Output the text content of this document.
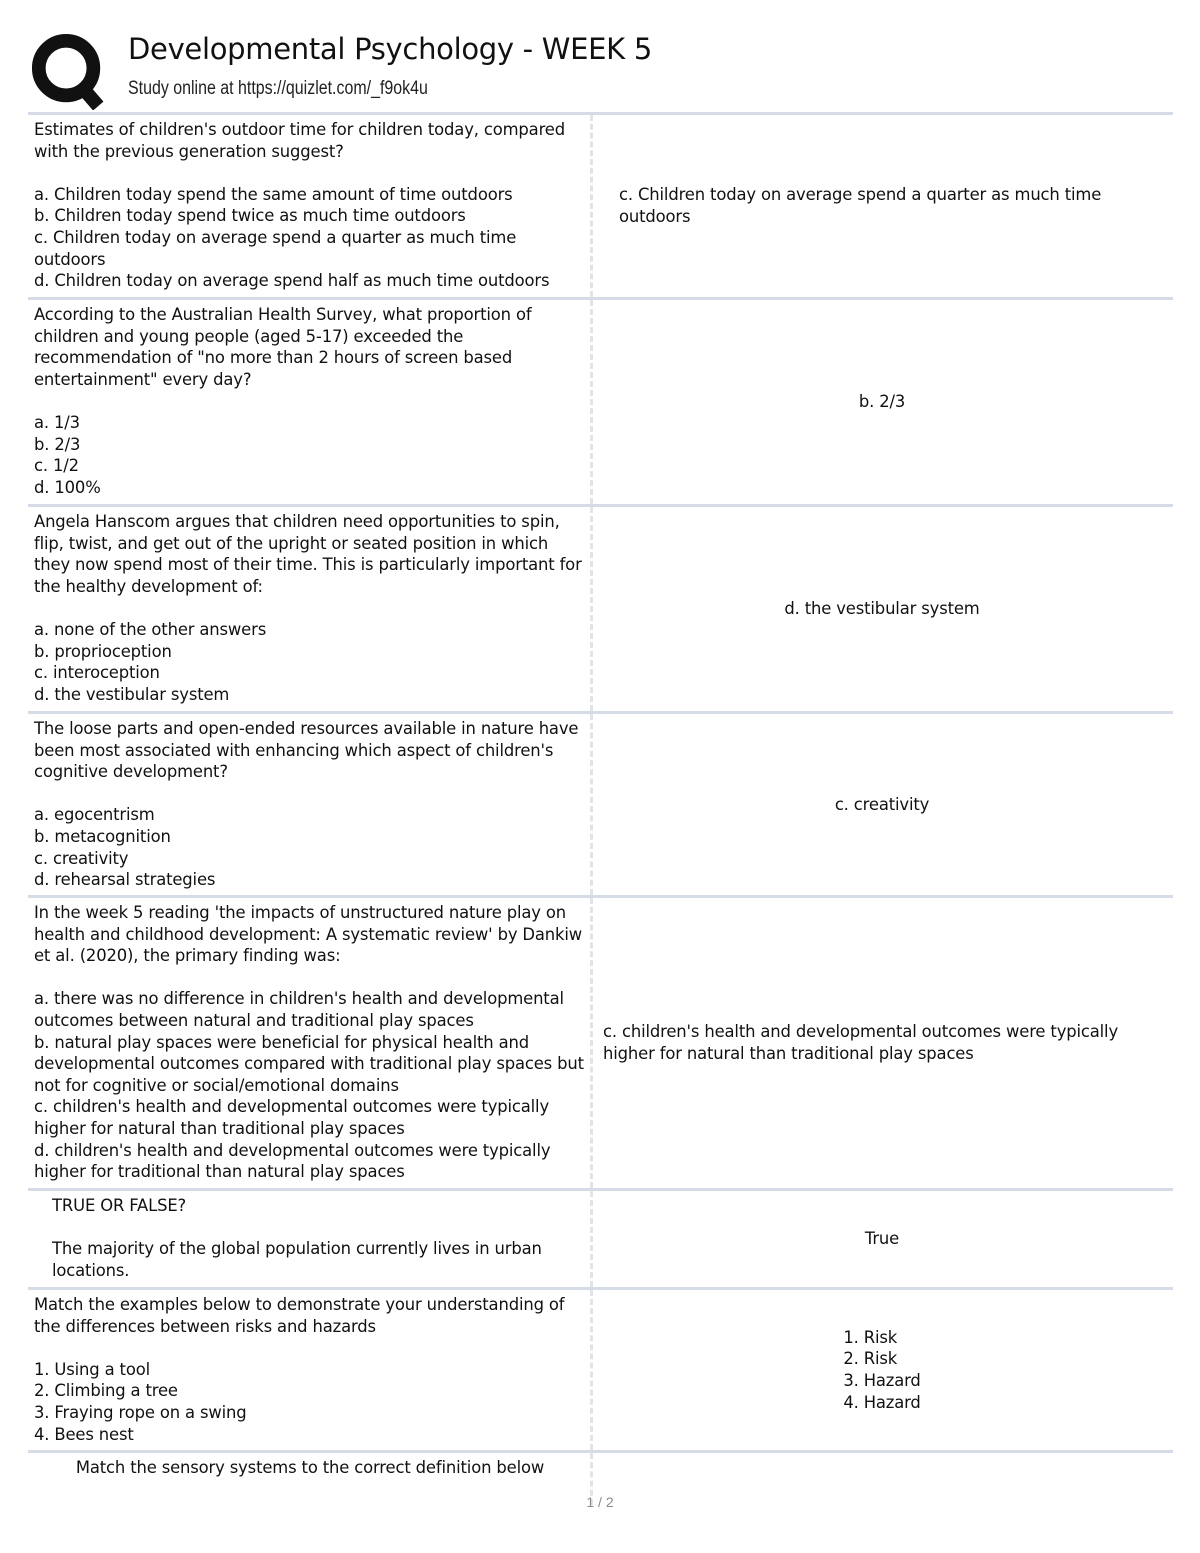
Developmental Psychology - WEEK 5
Study online at https://quizlet.com/_f9ok4u
Estimates of children's outdoor time for children today, compared with the previous generation suggest?

a. Children today spend the same amount of time outdoors
b. Children today spend twice as much time outdoors
c. Children today on average spend a quarter as much time outdoors
d. Children today on average spend half as much time outdoors
c. Children today on average spend a quarter as much time outdoors
According to the Australian Health Survey, what proportion of children and young people (aged 5-17) exceeded the recommendation of "no more than 2 hours of screen based entertainment" every day?

a. 1/3
b. 2/3
c. 1/2
d. 100%
b. 2/3
Angela Hanscom argues that children need opportunities to spin, flip, twist, and get out of the upright or seated position in which they now spend most of their time. This is particularly important for the healthy development of:

a. none of the other answers
b. proprioception
c. interoception
d. the vestibular system
d. the vestibular system
The loose parts and open-ended resources available in nature have been most associated with enhancing which aspect of children's cognitive development?

a. egocentrism
b. metacognition
c. creativity
d. rehearsal strategies
c. creativity
In the week 5 reading 'the impacts of unstructured nature play on health and childhood development: A systematic review' by Dankiw et al. (2020), the primary finding was:

a. there was no difference in children's health and developmental outcomes between natural and traditional play spaces
b. natural play spaces were beneficial for physical health and developmental outcomes compared with traditional play spaces but not for cognitive or social/emotional domains
c. children's health and developmental outcomes were typically higher for natural than traditional play spaces
d. children's health and developmental outcomes were typically higher for traditional than natural play spaces
c. children's health and developmental outcomes were typically higher for natural than traditional play spaces
TRUE OR FALSE?

The majority of the global population currently lives in urban locations.
True
Match the examples below to demonstrate your understanding of the differences between risks and hazards

1. Using a tool
2. Climbing a tree
3. Fraying rope on a swing
4. Bees nest
1. Risk
2. Risk
3. Hazard
4. Hazard
Match the sensory systems to the correct definition below
1 / 2
